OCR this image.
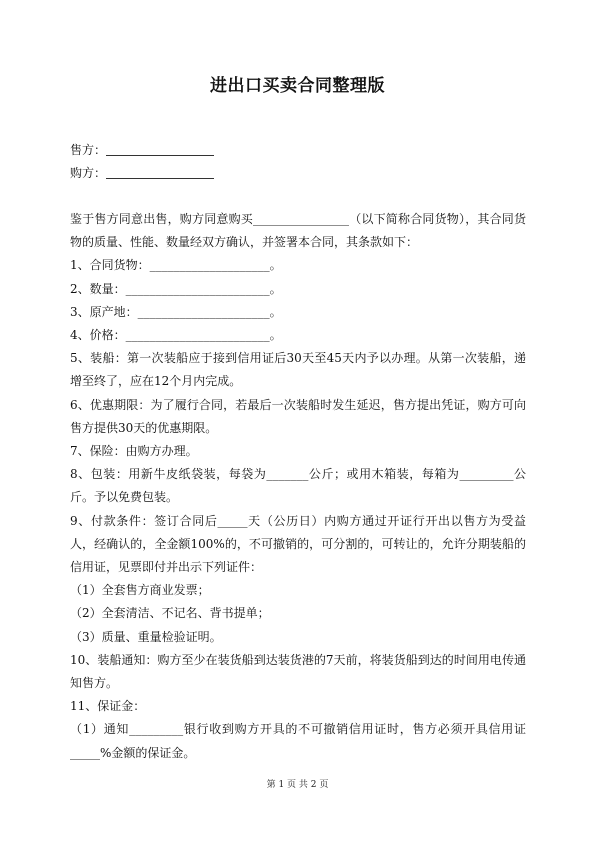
进出口买卖合同整理版
售方：
购方：

鉴于售方同意出售，购方同意购买________________（以下简称合同货物），其合同货物的质量、性能、数量经双方确认，并签署本合同，其条款如下：

1、合同货物：____________________。

2、数量：________________________。

3、原产地：______________________。

4、价格：________________________。

5、装船：第一次装船应于接到信用证后30天至45天内予以办理。从第一次装船，递增至终了，应在12个月内完成。

6、优惠期限：为了履行合同，若最后一次装船时发生延迟，售方提出凭证，购方可向售方提供30天的优惠期限。

7、保险：由购方办理。

8、包装：用新牛皮纸袋装，每袋为_______公斤；或用木箱装，每箱为_________公斤。予以免费包装。

9、付款条件：签订合同后_____天（公历日）内购方通过开证行开出以售方为受益人，经确认的，全金额100%的，不可撤销的，可分割的，可转让的，允许分期装船的信用证，见票即付并出示下列证件：

（1）全套售方商业发票；

（2）全套清洁、不记名、背书提单；

（3）质量、重量检验证明。

10、装船通知：购方至少在装货船到达装货港的7天前，将装货船到达的时间用电传通知售方。

11、保证金：

（1）通知_________银行收到购方开具的不可撤销信用证时，售方必须开具信用证_____%金额的保证金。

第 1 页 共 2 页
